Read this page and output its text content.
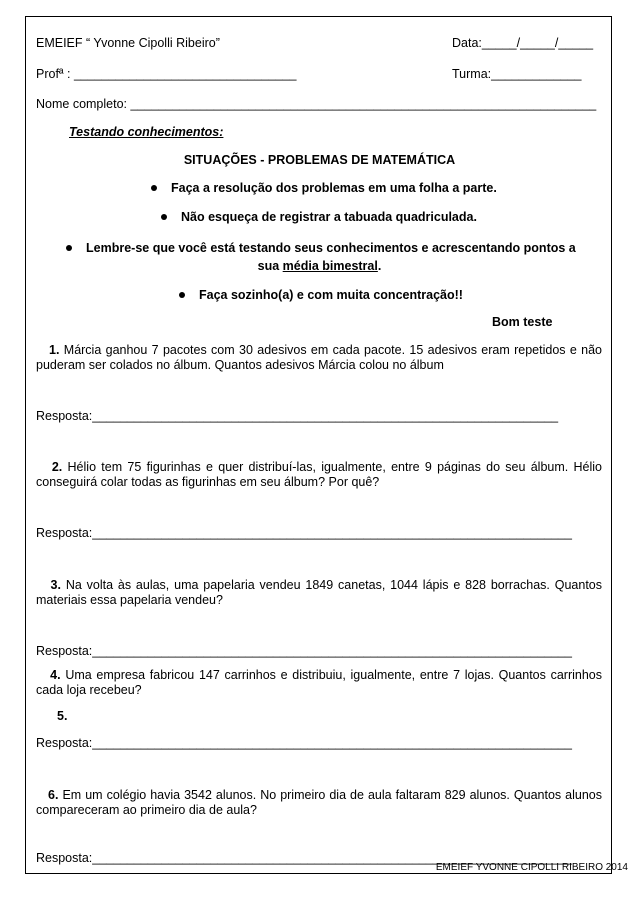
EMEIEF “ Yvonne Cipolli Ribeiro”	Data:_____/_____/_____
Profª : ________________________________	Turma:_____________
Nome completo: ___________________________________________________________________
Testando conhecimentos:
SITUAÇÕES - PROBLEMAS DE MATEMÁTICA
Faça a resolução dos problemas em uma folha a parte.
Não esqueça de registrar a tabuada quadriculada.
Lembre-se que você está testando seus conhecimentos e acrescentando pontos a
sua média bimestral.
Faça sozinho(a) e com muita concentração!!
Bom teste
1. Márcia ganhou 7 pacotes com 30 adesivos em cada pacote. 15 adesivos eram repetidos e não puderam ser colados no álbum. Quantos adesivos Márcia colou no álbum
Resposta:___________________________________________________________________
2. Hélio tem 75 figurinhas e quer distribuí-las, igualmente, entre 9 páginas do seu álbum. Hélio conseguirá colar todas as figurinhas em seu álbum? Por quê?
Resposta:_____________________________________________________________________
3. Na volta às aulas, uma papelaria vendeu 1849 canetas, 1044 lápis e 828 borrachas. Quantos materiais essa papelaria vendeu?
Resposta:_____________________________________________________________________
4. Uma empresa fabricou 147 carrinhos e distribuiu, igualmente, entre 7 lojas. Quantos carrinhos cada loja recebeu?
5.
Resposta:_____________________________________________________________________
6. Em um colégio havia 3542 alunos. No primeiro dia de aula faltaram 829 alunos. Quantos alunos compareceram ao primeiro dia de aula?
Resposta:_____________________________________________________________________
EMEIEF YVONNE CIPOLLI RIBEIRO 2014
